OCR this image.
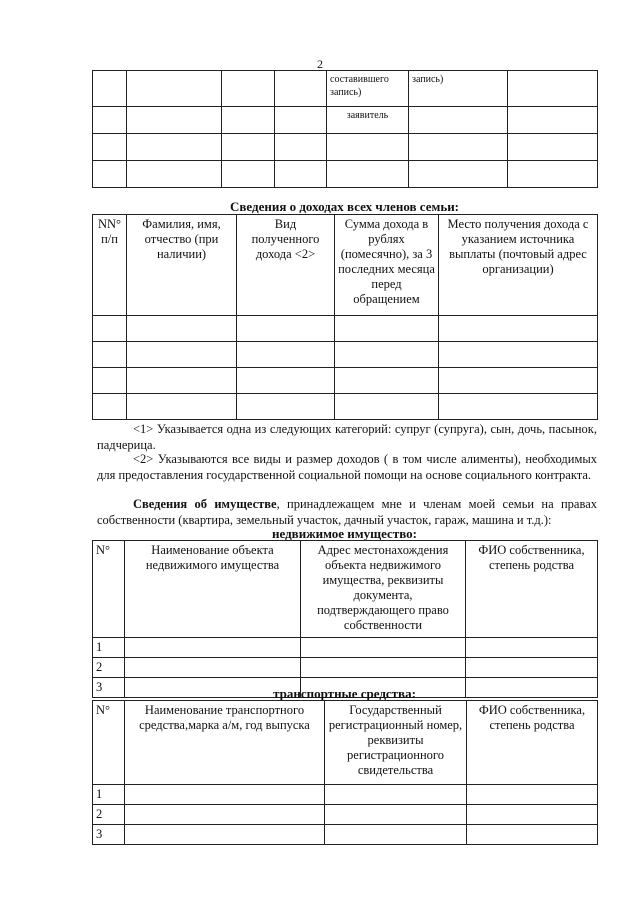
2
				составившего запись)	запись)	
				заявитель		

Сведения о доходах всех членов семьи:
NN° п/п	Фамилия, имя, отчество (при наличии)	Вид полученного дохода <2>	Сумма дохода в рублях (помесячно), за 3 последних месяца перед обращением	Место получения дохода с указанием источника выплаты (почтовый адрес организации)

<1> Указывается одна из следующих категорий: супруг (супруга), сын, дочь, пасынок, падчерица.
<2> Указываются все виды и размер доходов ( в том числе алименты), необходимых для предоставления государственной социальной помощи на основе социального контракта.
Сведения об имуществе, принадлежащем мне и членам моей семьи на правах собственности (квартира, земельный участок, дачный участок, гараж, машина и т.д.):
недвижимое имущество:
N°	Наименование объекта недвижимого имущества	Адрес местонахождения объекта недвижимого имущества, реквизиты документа, подтверждающего право собственности	ФИО собственника, степень родства
1			
2			
3				транспортные средства:
N°	Наименование транспортного средства,марка а/м, год выпуска	Государственный регистрационный номер, реквизиты регистрационного свидетельства	ФИО собственника, степень родства
1			
2			
3			
